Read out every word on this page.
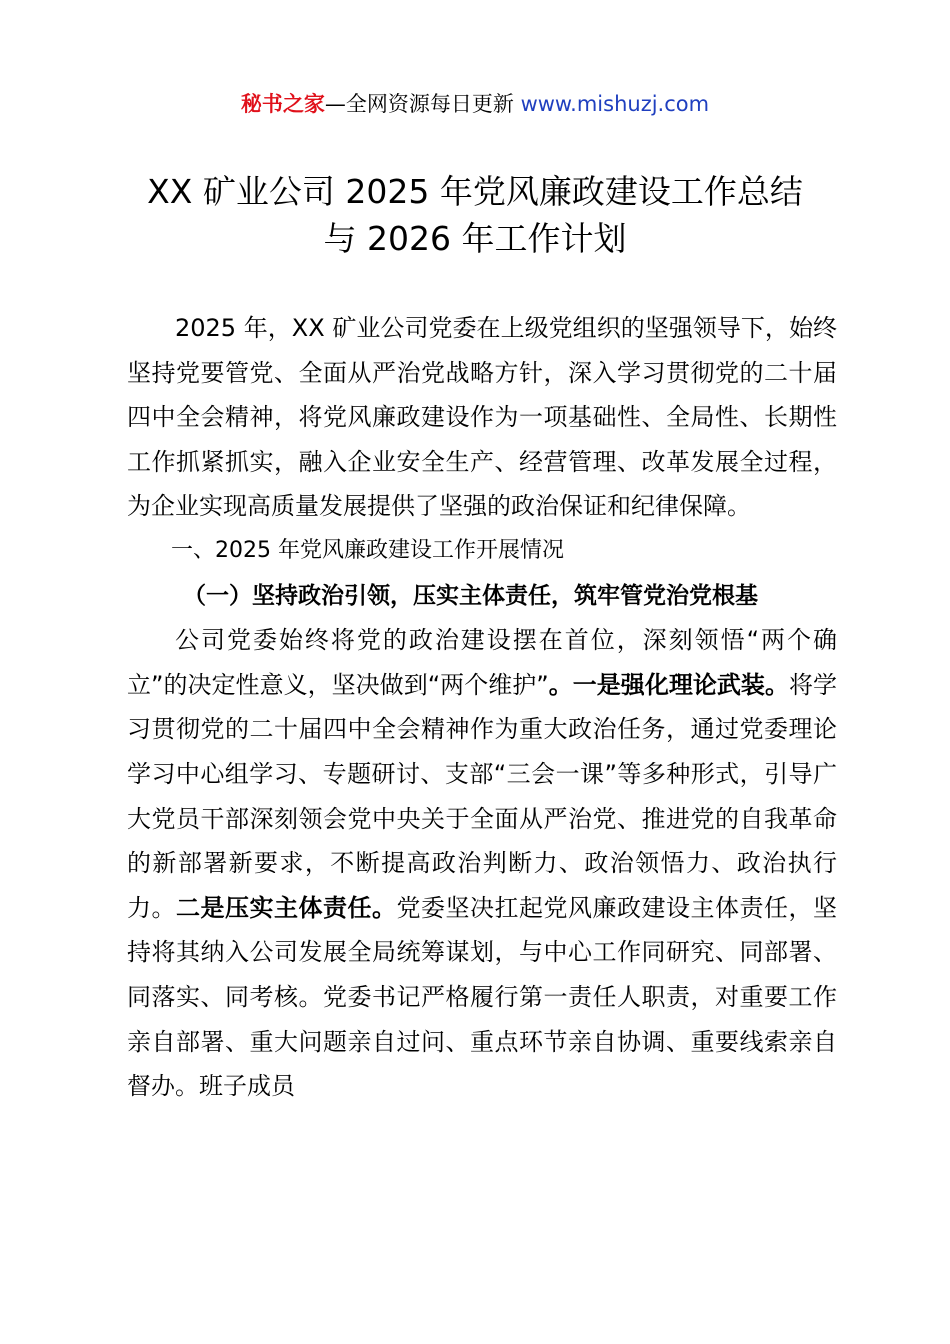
秘书之家—全网资源每日更新 www.mishuzj.com
XX 矿业公司 2025 年党风廉政建设工作总结
与 2026 年工作计划

2025 年，XX 矿业公司党委在上级党组织的坚强领导下，始终坚持党要管党、全面从严治党战略方针，深入学习贯彻党的二十届四中全会精神，将党风廉政建设作为一项基础性、全局性、长期性工作抓紧抓实，融入企业安全生产、经营管理、改革发展全过程，为企业实现高质量发展提供了坚强的政治保证和纪律保障。

一、2025 年党风廉政建设工作开展情况

（一）坚持政治引领，压实主体责任，筑牢管党治党根基

公司党委始终将党的政治建设摆在首位，深刻领悟“两个确立”的决定性意义，坚决做到“两个维护”。一是强化理论武装。将学习贯彻党的二十届四中全会精神作为重大政治任务，通过党委理论学习中心组学习、专题研讨、支部“三会一课”等多种形式，引导广大党员干部深刻领会党中央关于全面从严治党、推进党的自我革命的新部署新要求，不断提高政治判断力、政治领悟力、政治执行力。二是压实主体责任。党委坚决扛起党风廉政建设主体责任，坚持将其纳入公司发展全局统筹谋划，与中心工作同研究、同部署、同落实、同考核。党委书记严格履行第一责任人职责，对重要工作亲自部署、重大问题亲自过问、重点环节亲自协调、重要线索亲自督办。班子成员
